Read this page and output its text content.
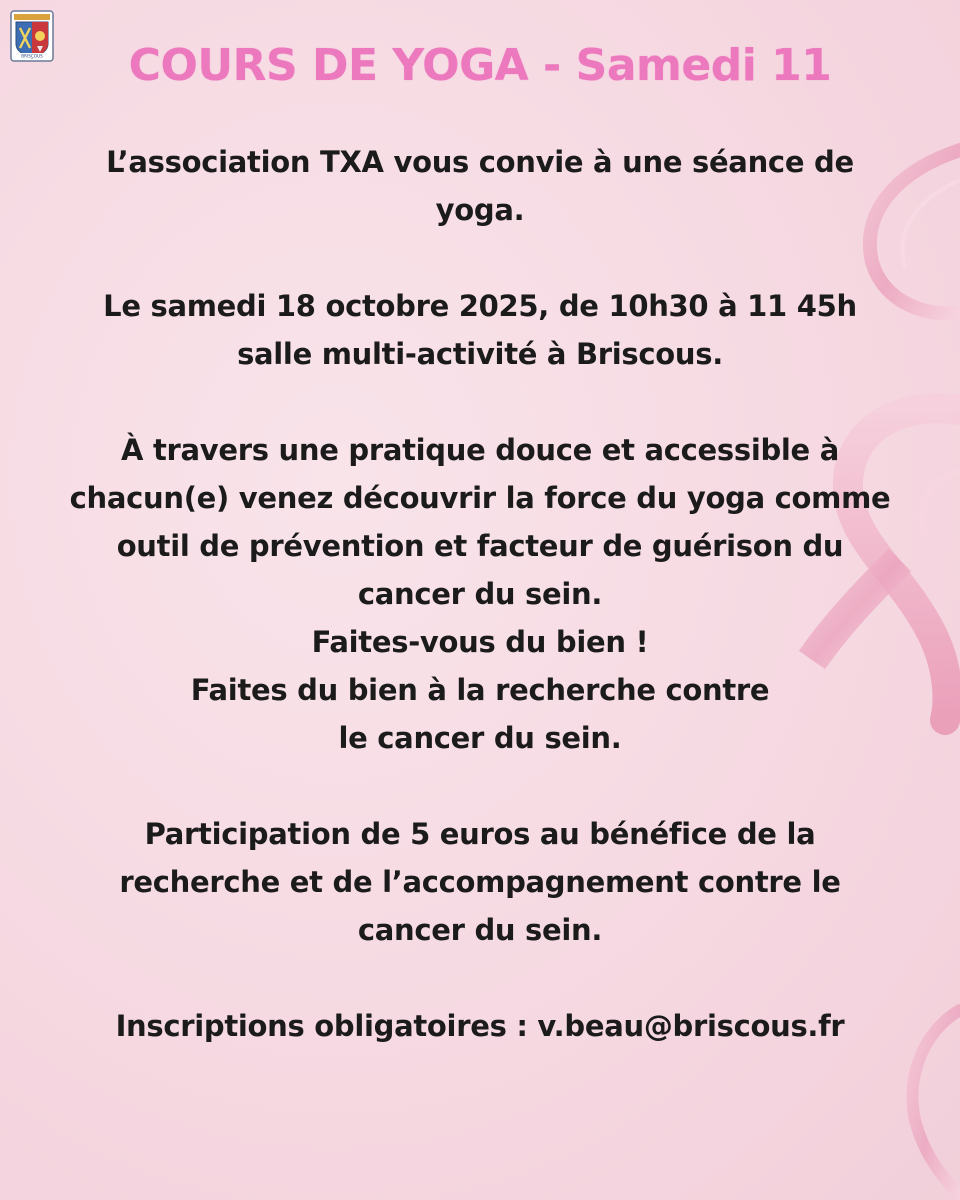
BRISCOUS	COURS DE YOGA - Samedi 11
L’association TXA vous convie à une séance de
yoga.
Le samedi 18 octobre 2025, de 10h30 à 11 45h
salle multi-activité à Briscous.
À travers une pratique douce et accessible à
chacun(e) venez découvrir la force du yoga comme
outil de prévention et facteur de guérison du
cancer du sein.
Faites-vous du bien !
Faites du bien à la recherche contre
le cancer du sein.
Participation de 5 euros au bénéfice de la
recherche et de l’accompagnement contre le
cancer du sein.
Inscriptions obligatoires : v.beau@briscous.fr
